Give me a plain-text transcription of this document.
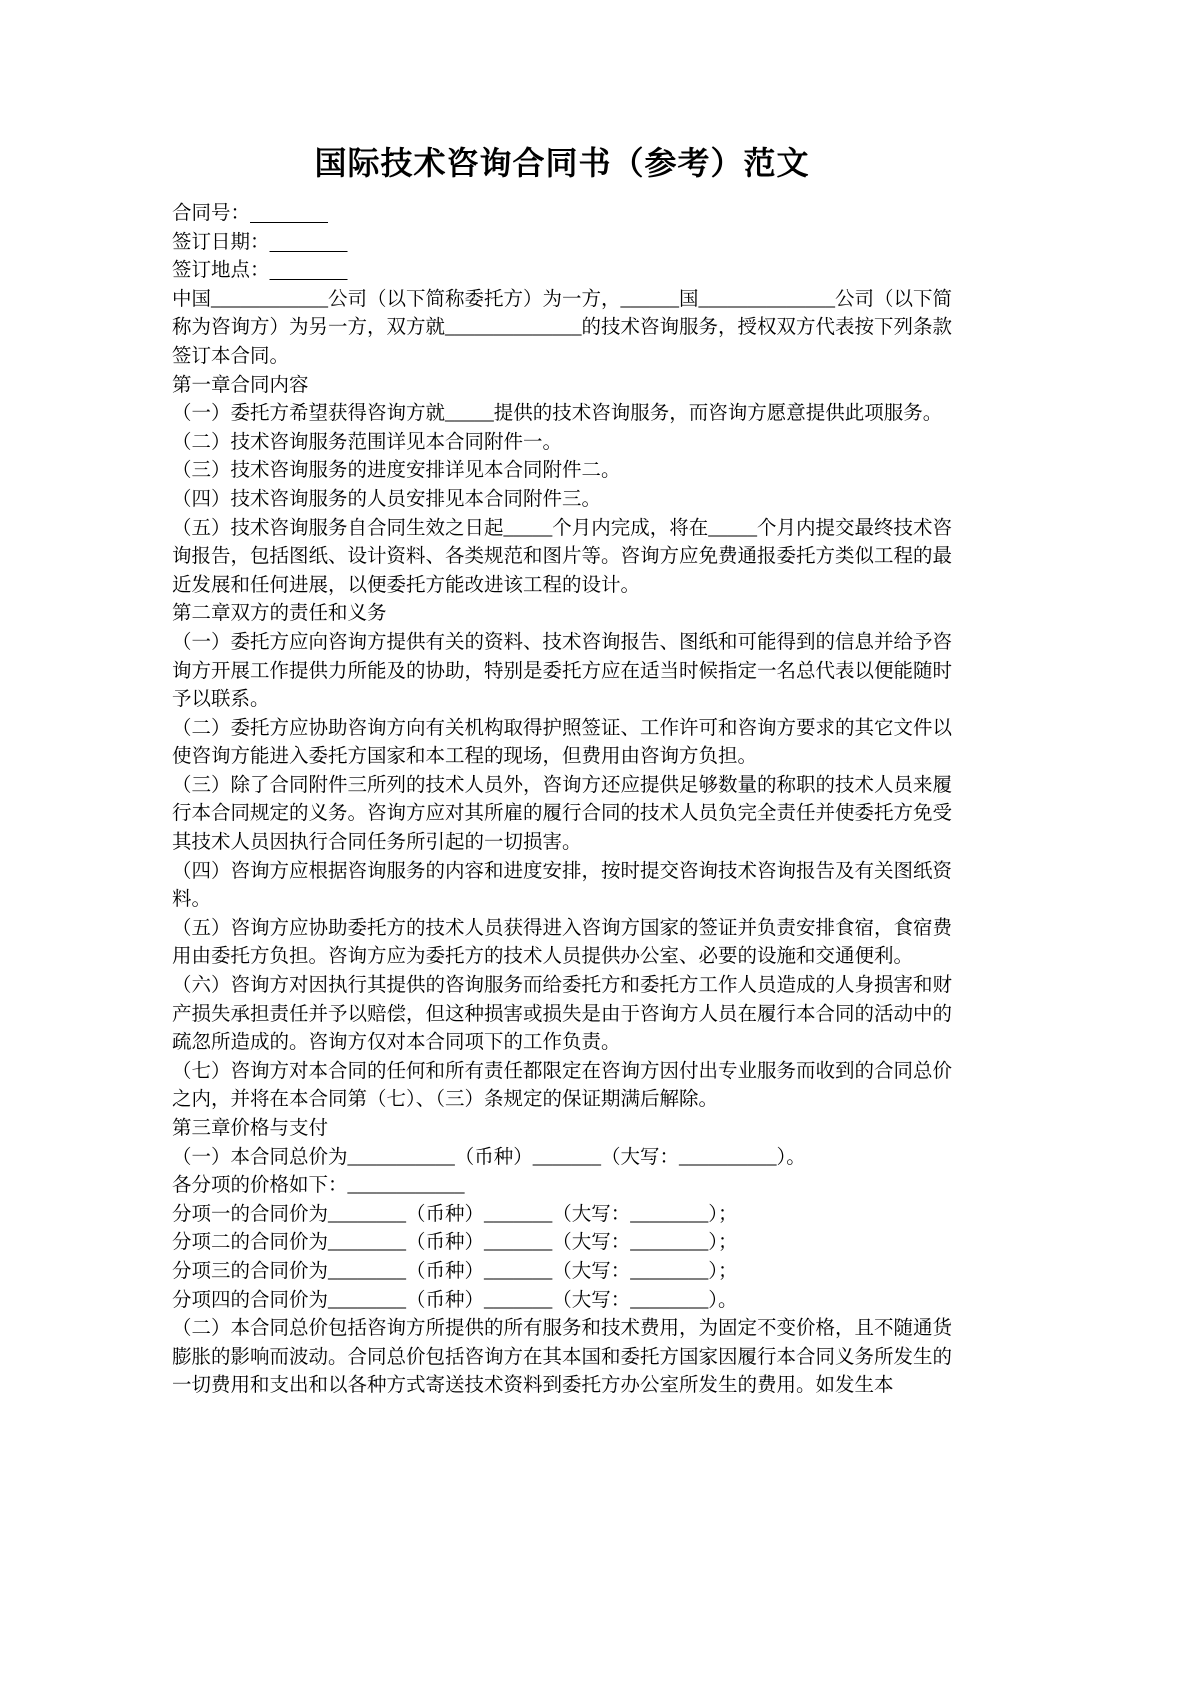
国际技术咨询合同书（参考）范文

合同号：

签订日期：

签订地点：

中国____________公司（以下简称委托方）为一方，______国______________公司（以下简称为咨询方）为另一方，双方就______________的技术咨询服务，授权双方代表按下列条款签订本合同。

第一章合同内容

（一）委托方希望获得咨询方就_____提供的技术咨询服务，而咨询方愿意提供此项服务。

（二）技术咨询服务范围详见本合同附件一。

（三）技术咨询服务的进度安排详见本合同附件二。

（四）技术咨询服务的人员安排见本合同附件三。

（五）技术咨询服务自合同生效之日起_____个月内完成，将在_____个月内提交最终技术咨询报告，包括图纸、设计资料、各类规范和图片等。咨询方应免费通报委托方类似工程的最近发展和任何进展，以便委托方能改进该工程的设计。

第二章双方的责任和义务

（一）委托方应向咨询方提供有关的资料、技术咨询报告、图纸和可能得到的信息并给予咨询方开展工作提供力所能及的协助，特别是委托方应在适当时候指定一名总代表以便能随时予以联系。

（二）委托方应协助咨询方向有关机构取得护照签证、工作许可和咨询方要求的其它文件以使咨询方能进入委托方国家和本工程的现场，但费用由咨询方负担。

（三）除了合同附件三所列的技术人员外，咨询方还应提供足够数量的称职的技术人员来履行本合同规定的义务。咨询方应对其所雇的履行合同的技术人员负完全责任并使委托方免受其技术人员因执行合同任务所引起的一切损害。

（四）咨询方应根据咨询服务的内容和进度安排，按时提交咨询技术咨询报告及有关图纸资料。

（五）咨询方应协助委托方的技术人员获得进入咨询方国家的签证并负责安排食宿，食宿费用由委托方负担。咨询方应为委托方的技术人员提供办公室、必要的设施和交通便利。

（六）咨询方对因执行其提供的咨询服务而给委托方和委托方工作人员造成的人身损害和财产损失承担责任并予以赔偿，但这种损害或损失是由于咨询方人员在履行本合同的活动中的疏忽所造成的。咨询方仅对本合同项下的工作负责。

（七）咨询方对本合同的任何和所有责任都限定在咨询方因付出专业服务而收到的合同总价之内，并将在本合同第（七）、（三）条规定的保证期满后解除。

第三章价格与支付

（一）本合同总价为___________（币种）_______（大写：__________）。

各分项的价格如下：____________

分项一的合同价为________（币种）_______（大写：________）；

分项二的合同价为________（币种）_______（大写：________）；

分项三的合同价为________（币种）_______（大写：________）；

分项四的合同价为________（币种）_______（大写：________）。

（二）本合同总价包括咨询方所提供的所有服务和技术费用，为固定不变价格，且不随通货膨胀的影响而波动。合同总价包括咨询方在其本国和委托方国家因履行本合同义务所发生的一切费用和支出和以各种方式寄送技术资料到委托方办公室所发生的费用。如发生本
